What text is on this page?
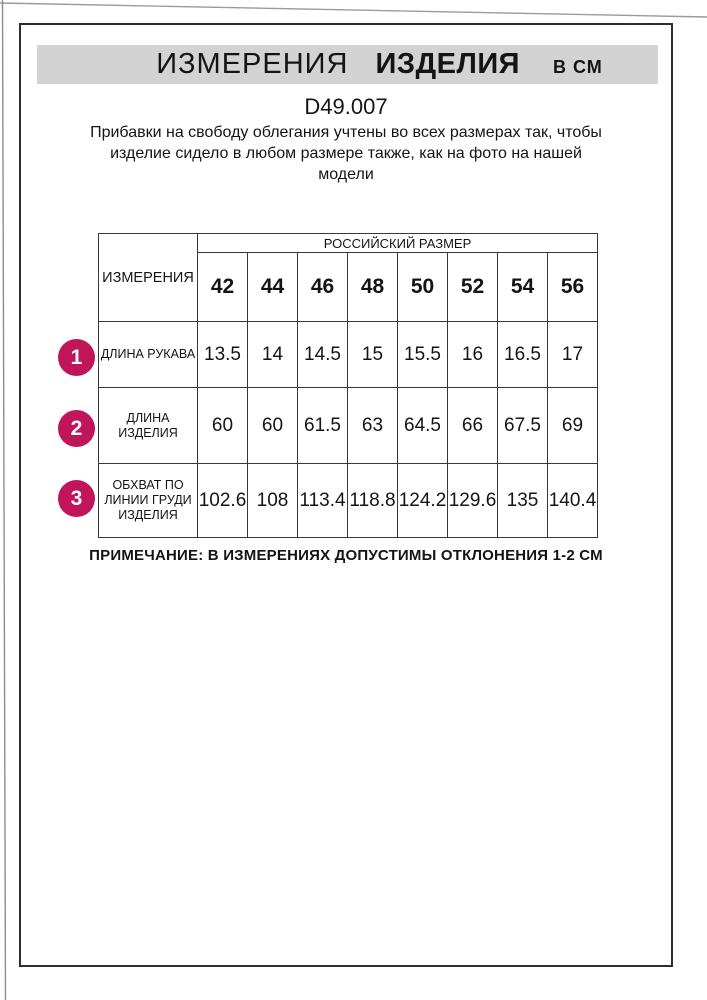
ИЗМЕРЕНИЯ ИЗДЕЛИЯ В СМ
D49.007
Прибавки на свободу облегания учтены во всех размерах так, чтобы
изделие сидело в любом размере также, как на фото на нашей
модели
ИЗМЕРЕНИЯ	РОССИЙСКИЙ РАЗМЕР							
	42	44	46	48	50	52	54	56

ДЛИНА РУКАВА	13.5	14	14.5	15	15.5	16	16.5	17

ДЛИНА
ИЗДЕЛИЯ	60	60	61.5	63	64.5	66	67.5	69

ОБХВАТ ПО
ЛИНИИ ГРУДИ
ИЗДЕЛИЯ	102.6	108	113.4	118.8	124.2	129.6	135	140.4
1
2
3
ПРИМЕЧАНИЕ: В ИЗМЕРЕНИЯХ ДОПУСТИМЫ ОТКЛОНЕНИЯ 1-2 СМ
